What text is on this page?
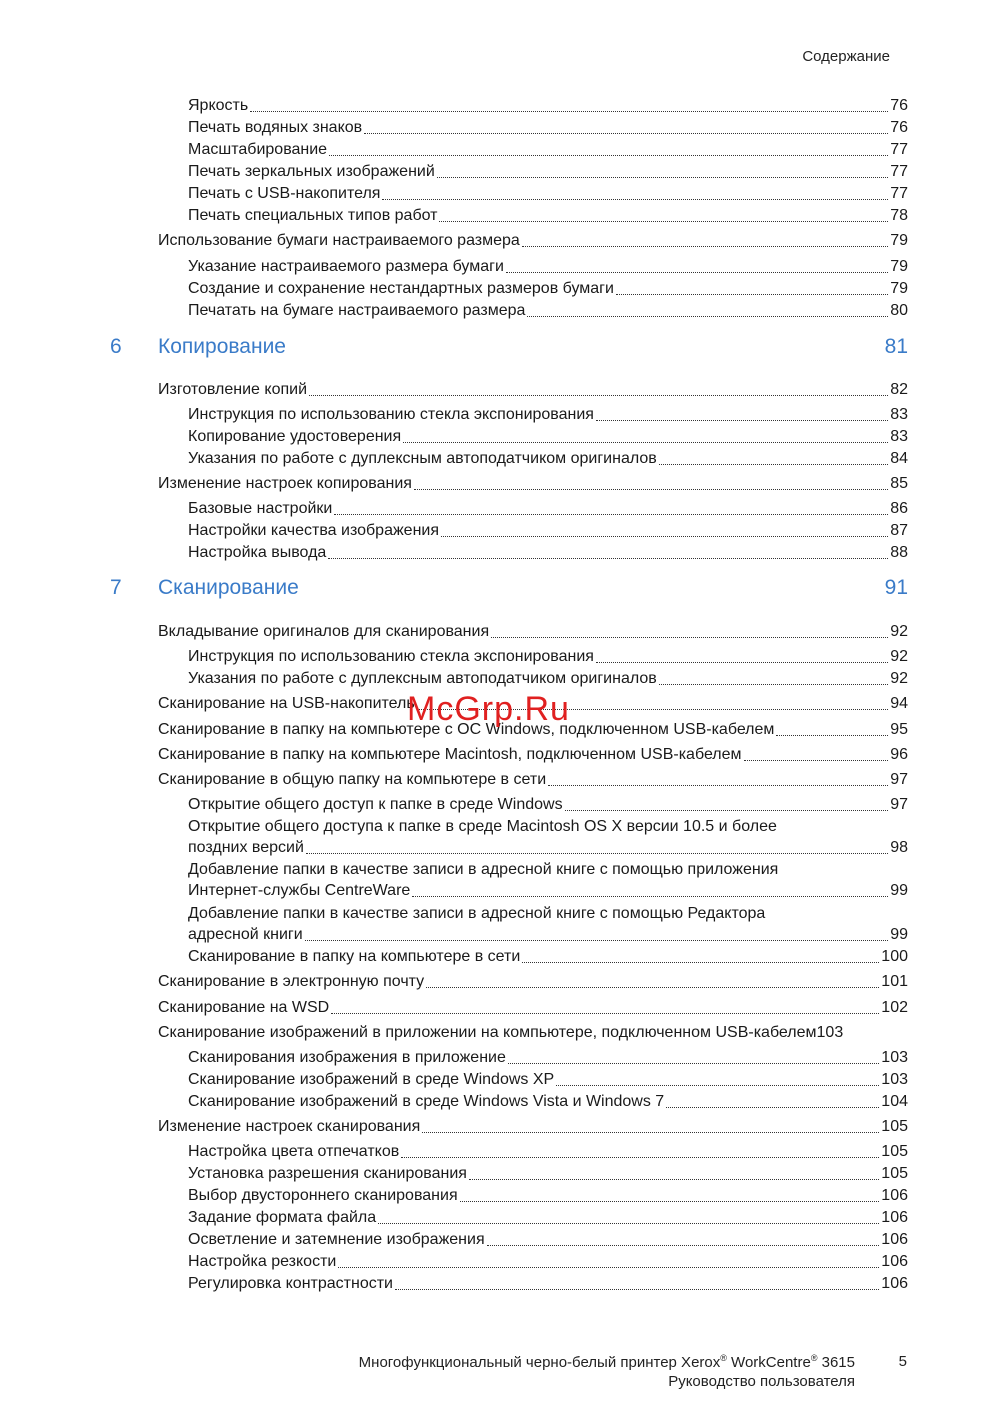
Содержание
Яркость	76
Печать водяных знаков	76
Масштабирование	77
Печать зеркальных изображений	77
Печать с USB-накопителя	77
Печать специальных типов работ	78
Использование бумаги настраиваемого размера	79
Указание настраиваемого размера бумаги	79
Создание и сохранение нестандартных размеров бумаги	79
Печатать на бумаге настраиваемого размера	80
6 Копирование	81
Изготовление копий	82
Инструкция по использованию стекла экспонирования	83
Копирование удостоверения	83
Указания по работе с дуплексным автоподатчиком оригиналов	84
Изменение настроек копирования	85
Базовые настройки	86
Настройки качества изображения	87
Настройка вывода	88
7 Сканирование	91
Вкладывание оригиналов для сканирования	92
Инструкция по использованию стекла экспонирования	92
Указания по работе с дуплексным автоподатчиком оригиналов	92
Сканирование на USB-накопитель	94
Сканирование в папку на компьютере с ОС Windows, подключенном USB-кабелем	95
Сканирование в папку на компьютере Macintosh, подключенном USB-кабелем	96
Сканирование в общую папку на компьютере в сети	97
Открытие общего доступ к папке в среде Windows	97
Открытие общего доступа к папке в среде Macintosh OS X версии 10.5 и более
поздних версий	98
Добавление папки в качестве записи в адресной книге с помощью приложения
Интернет-службы CentreWare	99
Добавление папки в качестве записи в адресной книге с помощью Редактора
адресной книги	99
Сканирование в папку на компьютере в сети	100
Сканирование в электронную почту	101
Сканирование на WSD	102
Сканирование изображений в приложении на компьютере, подключенном USB-кабелем 103
Сканирования изображения в приложение	103
Сканирование изображений в среде Windows XP	103
Сканирование изображений в среде Windows Vista и Windows 7	104
Изменение настроек сканирования	105
Настройка цвета отпечатков	105
Установка разрешения сканирования	105
Выбор двустороннего сканирования	106
Задание формата файла	106
Осветление и затемнение изображения	106
Настройка резкости	106
Регулировка контрастности	106
McGrp.Ru
Многофункциональный черно-белый принтер Xerox® WorkCentre® 3615
Руководство пользователя
5
